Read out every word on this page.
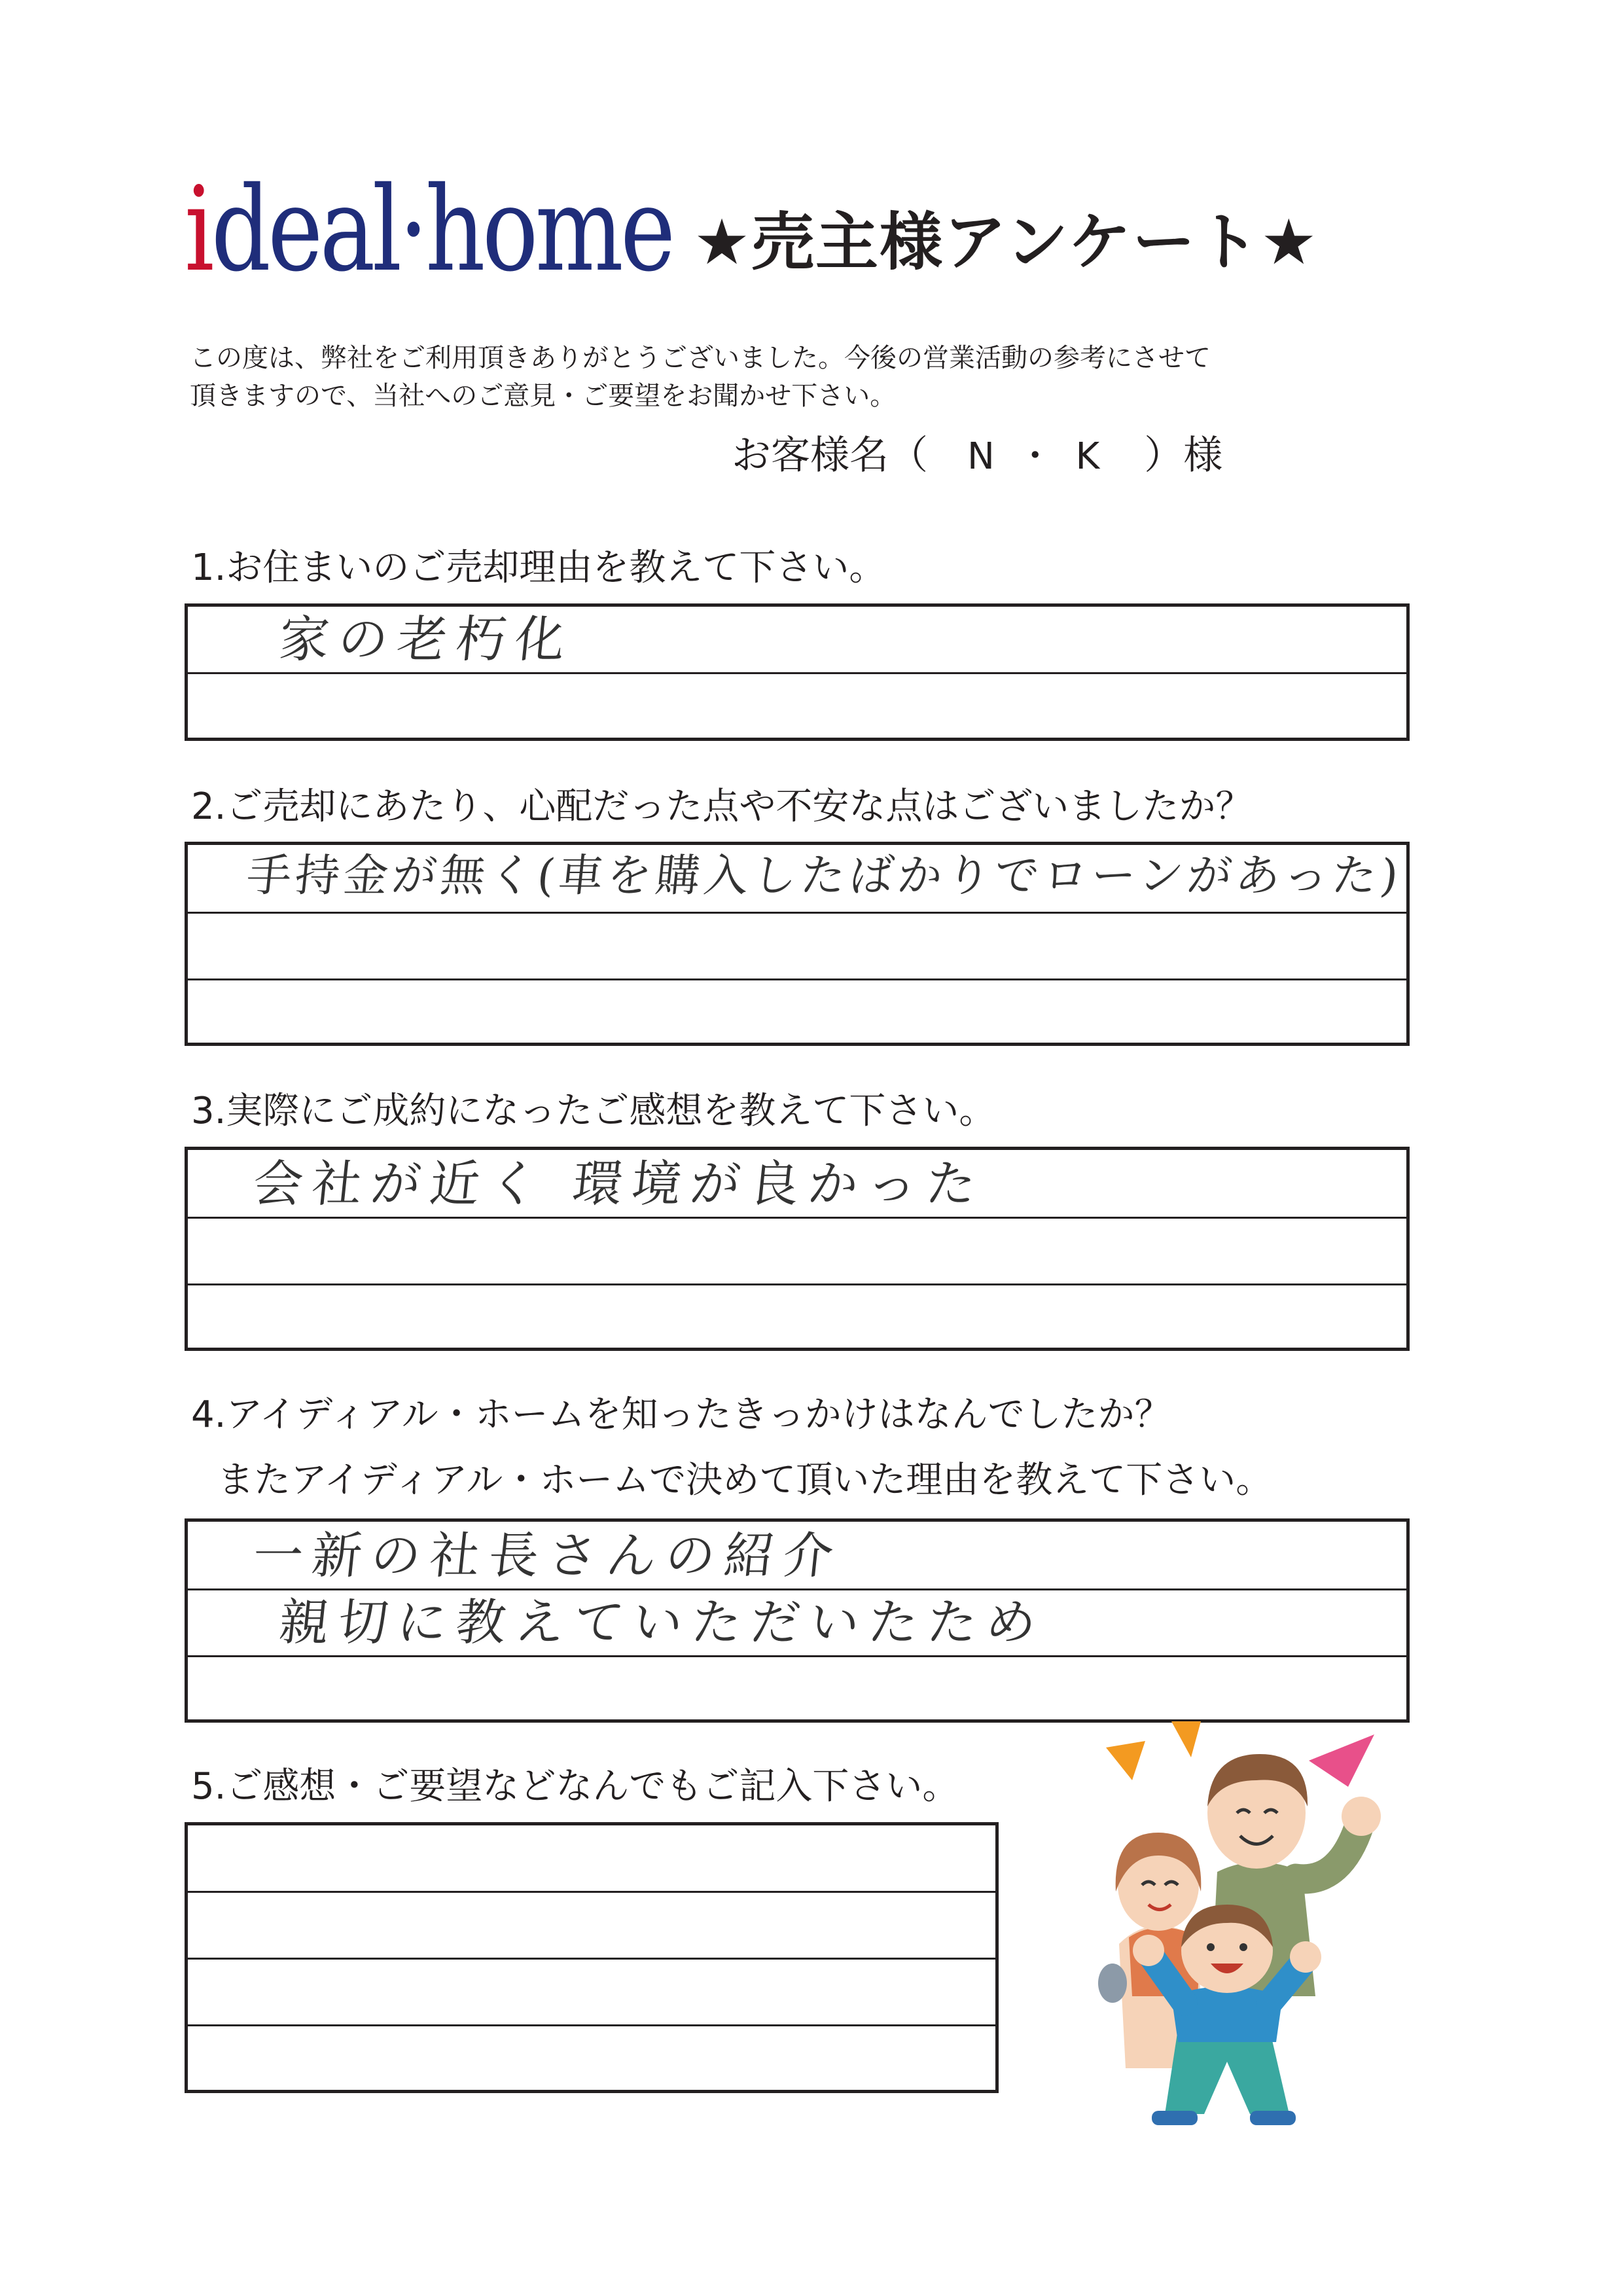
ideal·home ★売主様アンケート★
この度は、弊社をご利用頂きありがとうございました。今後の営業活動の参考にさせて
頂きますので、当社へのご意見・ご要望をお聞かせ下さい。
お客様名（ N ・ K ）様
1.お住まいのご売却理由を教えて下さい。
家の老朽化
2.ご売却にあたり、心配だった点や不安な点はございましたか？
手持金が無く(車を購入したばかりでローンがあった)
3.実際にご成約になったご感想を教えて下さい。
会社が近く 環境が良かった
4.アイディアル・ホームを知ったきっかけはなんでしたか？
またアイディアル・ホームで決めて頂いた理由を教えて下さい。
一新の社長さんの紹介
親切に教えていただいたため
5.ご感想・ご要望などなんでもご記入下さい。
